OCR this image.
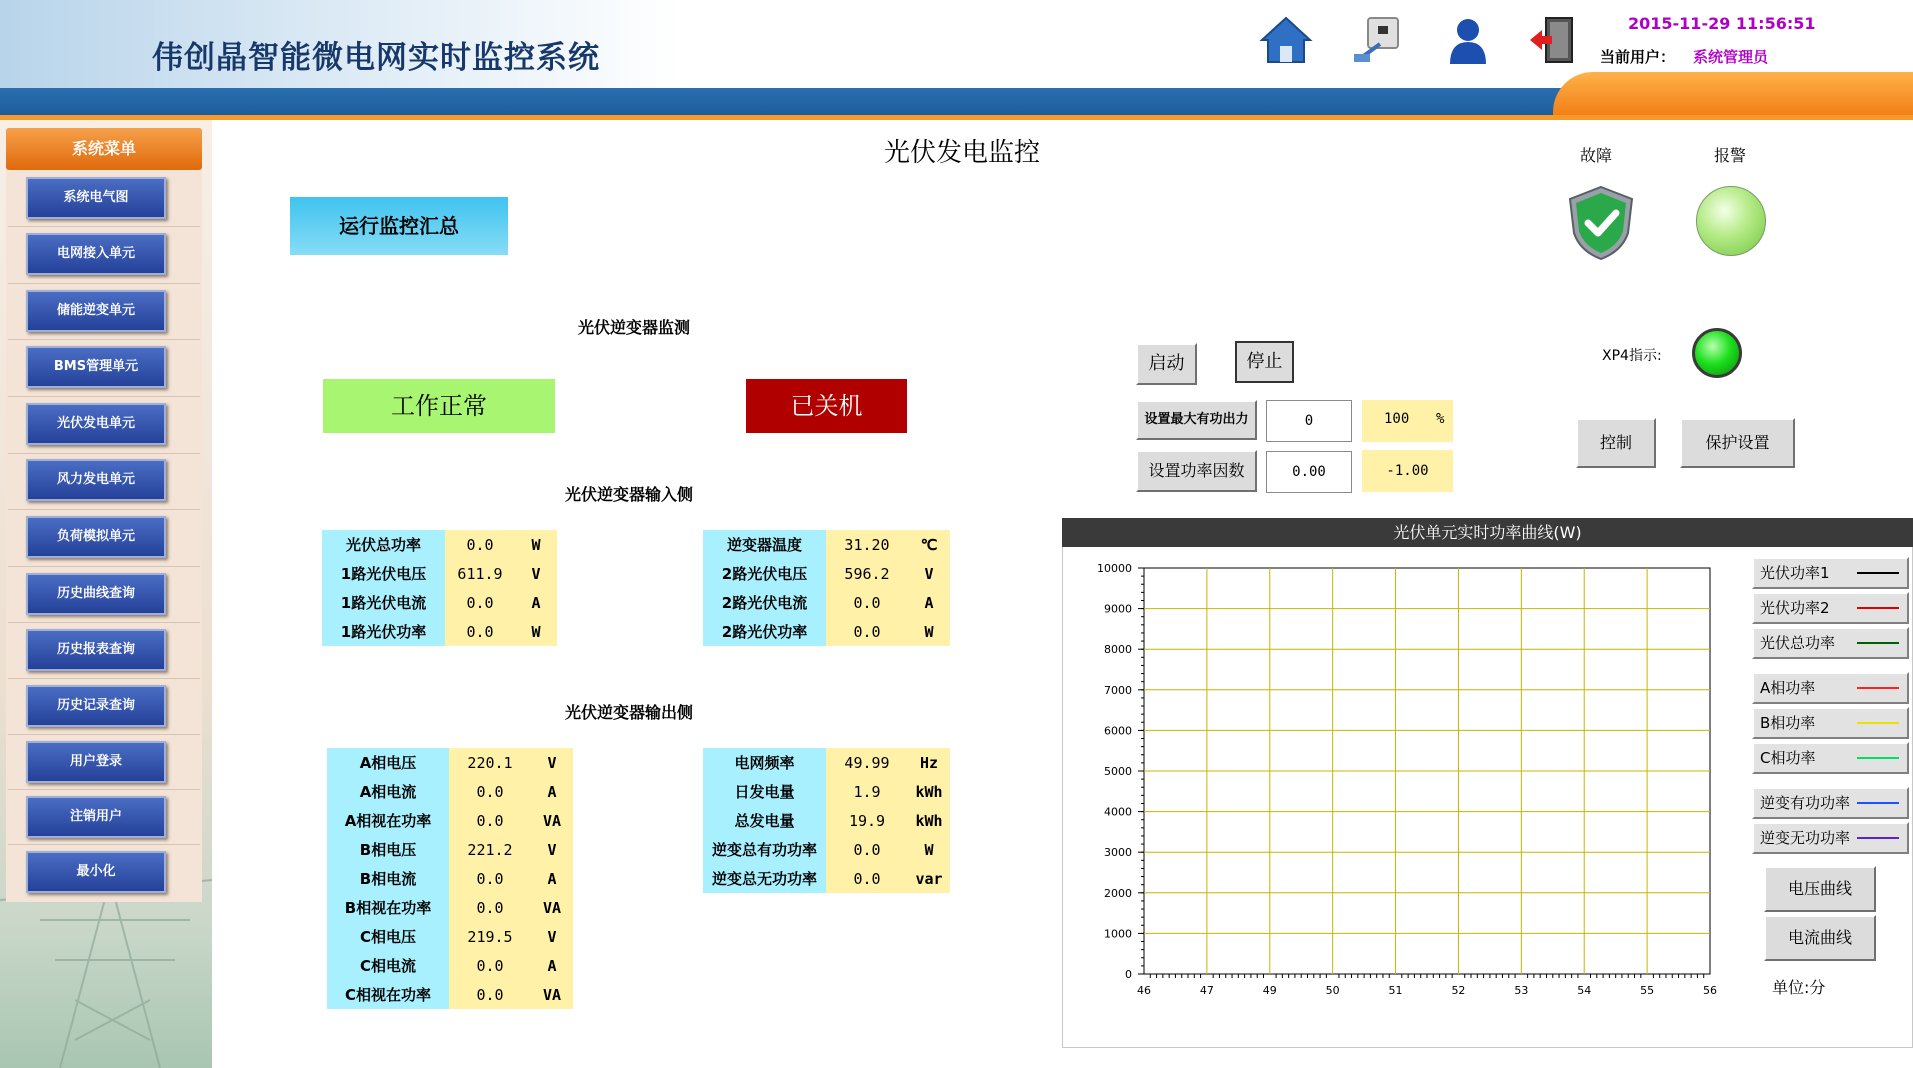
伟创晶智能微电网实时监控系统
2015-11-29 11:56:51
当前用户： 系统管理员
系统菜单
系统电气图
电网接入单元
储能逆变单元
BMS管理单元
光伏发电单元
风力发电单元
负荷模拟单元
历史曲线查询
历史报表查询
历史记录查询
用户登录
注销用户
最小化
光伏发电监控
运行监控汇总
光伏逆变器监测
工作正常	已关机
光伏逆变器输入侧
光伏总功率	0.0	W
1路光伏电压	611.9	V
1路光伏电流	0.0	A
1路光伏功率	0.0	W
逆变器温度	31.20	℃
2路光伏电压	596.2	V
2路光伏电流	0.0	A
2路光伏功率	0.0	W
光伏逆变器输出侧
A相电压	220.1	V
A相电流	0.0	A
A相视在功率	0.0	VA
B相电压	221.2	V
B相电流	0.0	A
B相视在功率	0.0	VA
C相电压	219.5	V
C相电流	0.0	A
C相视在功率	0.0	VA
电网频率	49.99	Hz
日发电量	1.9	kWh
总发电量	19.9	kWh
逆变总有功功率	0.0	W
逆变总无功功率	0.0	var
故障	报警
启动	停止	XP4指示:
设置最大有功出力	0	100 %
设置功率因数	0.00	-1.00
控制	保护设置
光伏单元实时功率曲线(W)
46	47	49	50	51	52	53	54	55	56
0
1000
2000
3000
4000
5000
6000
7000
8000
9000
10000	光伏功率1
光伏功率2
光伏总功率
A相功率
B相功率
C相功率
逆变有功功率
逆变无功功率
电压曲线
电流曲线
单位:分
